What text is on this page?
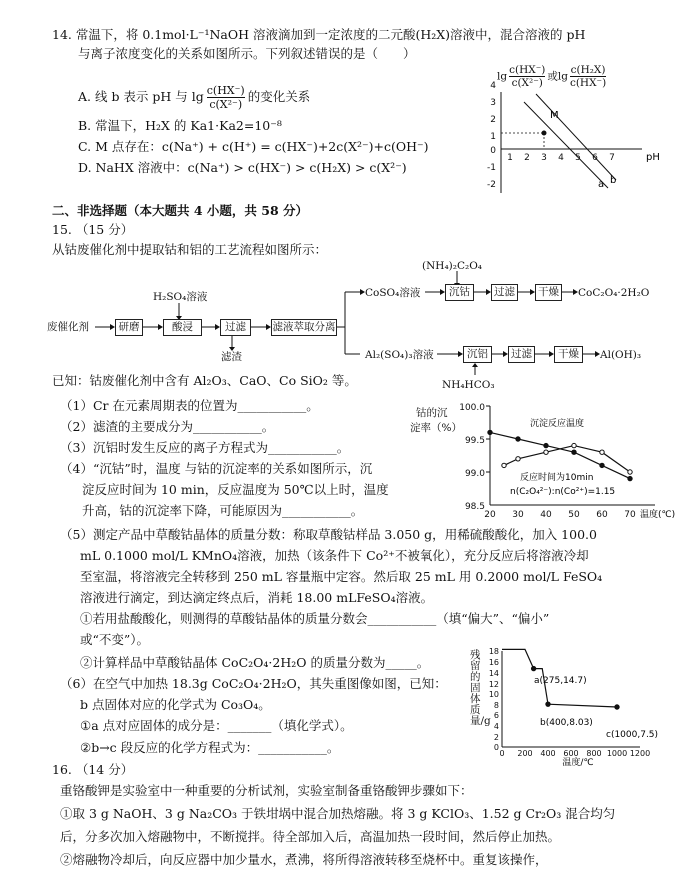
14. 常温下，将 0.1mol·L⁻¹NaOH 溶液滴加到一定浓度的二元酸(H₂X)溶液中，混合溶液的 pH
与离子浓度变化的关系如图所示。下列叙述错误的是（　　）
A. 线 b 表示 pH 与 $\lg \frac{c(HX^-)}{\text{c(X²⁻)}}$ 的变化关系
B. 常温下，H₂X 的 Ka1·Ka2=10⁻⁸
C. M 点存在：c(Na⁺) + c(H⁺) = c(HX⁻)+2c(X²⁻)+c(OH⁻)
D. NaHX 溶液中：c(Na⁺) > c(HX⁻) > c(H₂X) > c(X²⁻)
$\lg \frac{c(HX^-)}{\text{c(X²⁻)}}$ 或$\lg \frac{\text{c(H₂X)}}{c(HX^-)}$
4
3
2
1
0
-1
-2
1 2 3 4 5 6 7	pH
M
a b
二、非选择题（本大题共 4 小题，共 58 分）
15. （15 分）
从钴废催化剂中提取钴和铝的工艺流程如图所示：
废催化剂	研磨
H₂SO₄溶液
酸浸	过滤
滤渣
滤液萃取分离
CoSO₄溶液
(NH₄)₂C₂O₄
沉钴	过滤 干燥 CoC₂O₄·2H₂O
Al₂(SO₄)₃溶液	沉铝	过滤	干燥	Al(OH)₃
NH₄HCO₃
已知：钴废催化剂中含有 Al₂O₃、CaO、Co SiO₂ 等。
（1）Cr 在元素周期表的位置为___________。
（2）滤渣的主要成分为___________。
（3）沉铝时发生反应的离子方程式为___________。
（4）“沉钴”时，温度 与钴的沉淀率的关系如图所示，沉
淀反应时间为 10 min，反应温度为 50℃以上时，温度
升高，钴的沉淀率下降，可能原因为___________。
钴的沉
淀率（%）
100.0
99.5
99.0
98.5
20 30 40 50 60 70 温度(℃)
沉淀反应温度
反应时间为10min
n(C₂O₄²⁻):n(Co²⁺)=1.15
（5）测定产品中草酸钴晶体的质量分数：称取草酸钴样品 3.050 g，用稀硫酸酸化，加入 100.0
mL 0.1000 mol/L KMnO₄溶液，加热（该条件下 Co²⁺不被氧化），充分反应后将溶液冷却
至室温，将溶液完全转移到 250 mL 容量瓶中定容。然后取 25 mL 用 0.2000 mol/L FeSO₄
溶液进行滴定，到达滴定终点后，消耗 18.00 mLFeSO₄溶液。
①若用盐酸酸化，则测得的草酸钴晶体的质量分数会___________（填“偏大”、“偏小”
或“不变”）。
②计算样品中草酸钴晶体 CoC₂O₄·2H₂O 的质量分数为_____。
（6）在空气中加热 18.3g CoC₂O₄·2H₂O，其失重图像如图，已知：
b 点固体对应的化学式为 Co₃O₄。
①a 点对应固体的成分是：_______（填化学式）。
②b→c 段反应的化学方程式为：___________。
残留的固体质量/g
18
16
14
12
10
8
6
4
2
0
0 200 400 600 800 1000 1200
温度/℃
a(275,14.7)
b(400,8.03)
c(1000,7.5)
16. （14 分）
重铬酸钾是实验室中一种重要的分析试剂，实验室制备重铬酸钾步骤如下：
①取 3 g NaOH、3 g Na₂CO₃ 于铁坩埚中混合加热熔融。将 3 g KClO₃、1.52 g Cr₂O₃ 混合均匀
后，分多次加入熔融物中，不断搅拌。待全部加入后，高温加热一段时间，然后停止加热。
②熔融物冷却后，向反应器中加少量水，煮沸，将所得溶液转移至烧杯中。重复该操作，
